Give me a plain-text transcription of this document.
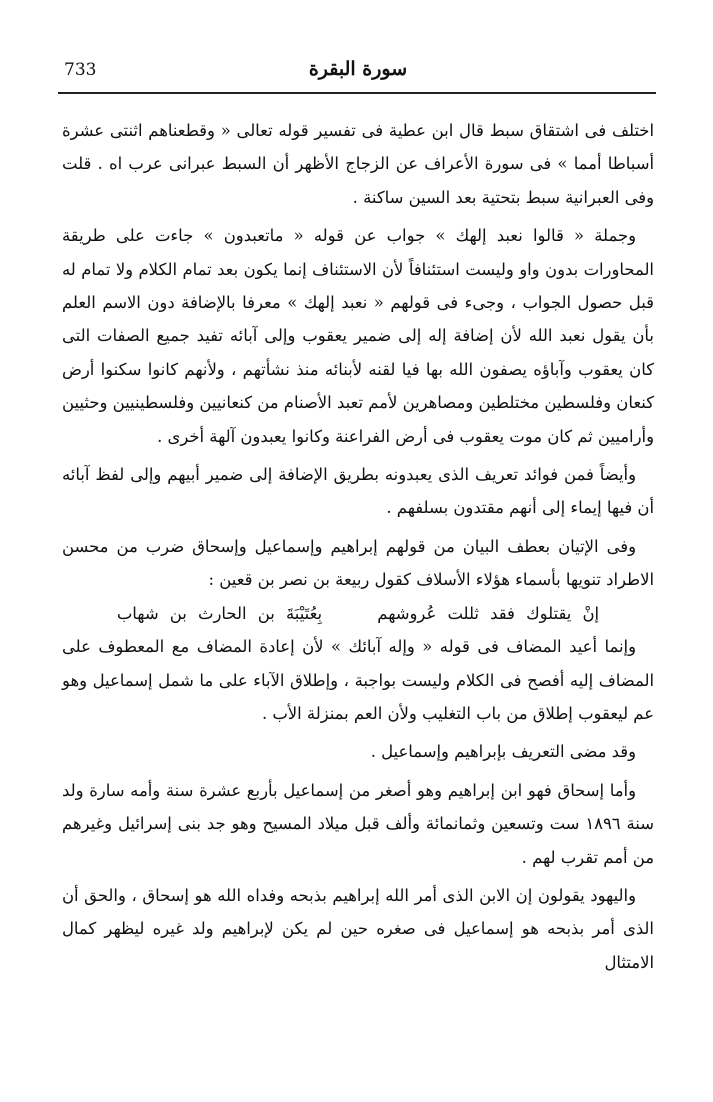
733	سورة البقرة

اختلف فى اشتقاق سبط قال ابن عطية فى تفسير قوله تعالى « وقطعناهم اثنتى عشرة أسباطا أمما » فى سورة الأعراف عن الزجاج الأظهر أن السبط عبرانى عرب اه . قلت وفى العبرانية سبط بتحتية بعد السين ساكنة .

وجملة « قالوا نعبد إلهك » جواب عن قوله « ماتعبدون » جاءت على طريقة المحاورات بدون واو وليست استئنافاً لأن الاستئناف إنما يكون بعد تمام الكلام ولا تمام له قبل حصول الجواب ، وجىء فى قولهم « نعبد إلهك » معرفا بالإضافة دون الاسم العلم بأن يقول نعبد الله لأن إضافة إله إلى ضمير يعقوب وإلى آبائه تفيد جميع الصفات التى كان يعقوب وآباؤه يصفون الله بها فيا لقنه لأبنائه منذ نشأتهم ، ولأنهم كانوا سكنوا أرض كنعان وفلسطين مختلطين ومصاهرين لأمم تعبد الأصنام من كنعانيين وفلسطينيين وحثيين وأراميين ثم كان موت يعقوب فى أرض الفراعنة وكانوا يعبدون آلهة أخرى .

وأيضاً فمن فوائد تعريف الذى يعبدونه بطريق الإضافة إلى ضمير أبيهم وإلى لفظ آبائه أن فيها إيماء إلى أنهم مقتدون بسلفهم .

وفى الإتيان بعطف البيان من قولهم إبراهيم وإسماعيل وإسحاق ضرب من محسن الاطراد تنويها بأسماء هؤلاء الأسلاف كقول ربيعة بن نصر بن قعين :

إنْ يقتلوك فقد ثللت عُروشهم بِعُتَيْبَةَ بن الحارث بن شهاب

وإنما أعيد المضاف فى قوله « وإله آبائك » لأن إعادة المضاف مع المعطوف على المضاف إليه أفصح فى الكلام وليست بواجبة ، وإطلاق الآباء على ما شمل إسماعيل وهو عم ليعقوب إطلاق من باب التغليب ولأن العم بمنزلة الأب .

وقد مضى التعريف بإبراهيم وإسماعيل .

وأما إسحاق فهو ابن إبراهيم وهو أصغر من إسماعيل بأربع عشرة سنة وأمه سارة ولد سنة ١٨٩٦ ست وتسعين وثمانمائة وألف قبل ميلاد المسيح وهو جد بنى إسرائيل وغيرهم من أمم تقرب لهم .

واليهود يقولون إن الابن الذى أمر الله إبراهيم بذبحه وفداه الله هو إسحاق ، والحق أن الذى أمر بذبحه هو إسماعيل فى صغره حين لم يكن لإبراهيم ولد غيره ليظهر كمال الامتثال
